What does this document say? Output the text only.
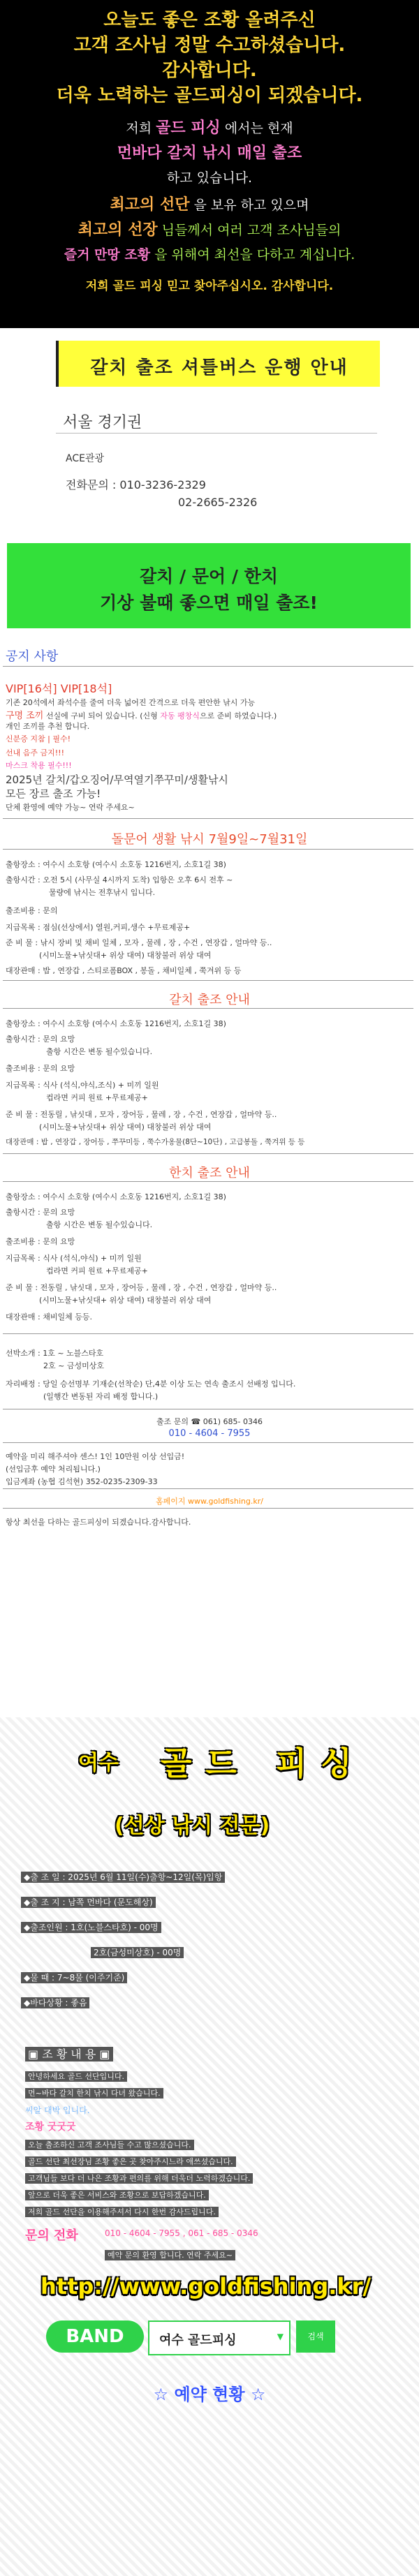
오늘도 좋은 조황 올려주신
고객 조사님 정말 수고하셨습니다.
감사합니다.
더욱 노력하는 골드피싱이 되겠습니다.
저희 골드 피싱 에서는 현재
먼바다 갈치 낚시 매일 출조
하고 있습니다.
최고의 선단 을 보유 하고 있으며
최고의 선장 님들께서 여러 고객 조사님들의
즐거 만땅 조황 을 위해여 최선을 다하고 계십니다.
저희 골드 피싱 믿고 찾아주십시오. 감사합니다.
갈치 출조 셔틀버스 운행 안내
서울 경기권
ACE관광
전화문의 : 010-3236-2329
02-2665-2326
갈치 / 문어 / 한치
기상 불때 좋으면 매일 출조!
공지 사항
VIP[16석] VIP[18석]
기존 20석에서 좌석수를 줄여 더욱 넓어진 간격으로 더욱 편안한 낚시 가능
구명 조끼 선실에 구비 되어 있습니다. (신형 자동 팽창식으로 준비 하였습니다.)
개인 조끼를 추천 합니다.
신분증 지참 | 필수!
선내 음주 금지!!!
마스크 착용 필수!!!
2025년 갈치/갑오징어/무역열기쭈꾸미/생활낚시
모든 장르 출조 가능!
단체 환영에 예약 가능~ 연락 주세요~
돌문어 생활 낚시 7월9일~7월31일
출항장소 : 여수시 소호항 (여수시 소호동 1216번지, 소호1길 38)
출항시간 : 오전 5시 (사무실 4시까지 도착) 입항은 오후 6시 전후 ~
물량에 낚시는 전후낚시 입니다.
출조비용 : 문의
지급목록 : 점심(선상에서) 열원,커피,생수 +무료제공+
준 비 물 : 낚시 장비 및 채비 일체 , 모자 , 물레 , 장 , 수건 , 연장갑 , 얼마약 등..
(시미노물+낚싯대+ 위상 대여) 대창불러 위상 대여
대장관매 : 밥 , 연장갑 , 스티로폼BOX , 봉돌 , 채비일체 , 쭉겨위 등 등
갈치 출조 안내
출항장소 : 여수시 소호항 (여수시 소호동 1216번지, 소호1길 38)
출항시간 : 문의 요망
출항 시간은 변동 될수있습니다.
출조비용 : 문의 요망
지급목록 : 식사 (석식,야식,조식) + 미끼 일원
컵라면 커피 원료 +무료제공+
준 비 물 : 전동릴 , 낚싯대 , 모자 , 장어등 , 물레 , 장 , 수건 , 연장갑 , 얼마약 등..
(시미노물+낚싯대+ 위상 대여) 대창불러 위상 대여
대장관매 : 밥 , 연장갑 , 장어등 , 쭈꾸미등 , 쭉수가옹물(8단~10단) , 고급봉돌 , 쭉겨위 등 등
한치 출조 안내
출항장소 : 여수시 소호항 (여수시 소호동 1216번지, 소호1길 38)
출항시간 : 문의 요망
출항 시간은 변동 될수있습니다.
출조비용 : 문의 요망
지급목록 : 식사 (석식,야식) + 미끼 일원
컵라면 커피 원료 +무료제공+
준 비 물 : 전동릴 , 낚싯대 , 모자 , 장어등 , 물레 , 장 , 수건 , 연장갑 , 얼마약 등..
(시미노물+낚싯대+ 위상 대여) 대창불러 위상 대여
대장관매 : 채비일체 등등.
선박소개 : 1호 ~ 노블스타호
2호 ~ 금성미상호
자리배정 : 당일 승선명부 기재순(선착순) 단,4분 이상 도는 연속 출조시 선배정 입니다.
(일행간 변동된 자리 배정 합니다.)
출조 문의 ☎ 061) 685- 0346
010 - 4604 - 7955
예약을 미리 해주셔야 센스! 1인 10만원 이상 선입금!
(선입금후 예약 처리됩니다.)
입금계좌 (농협 김석현) 352-0235-2309-33
홈페이지 www.goldfishing.kr/
항상 최선을 다하는 골드피싱이 되겠습니다.감사합니다.
여수 골드 피싱
(선상 낚시 전문)
◆출 조 일 : 2025년 6월 11일(수)출항~12일(목)입항
◆출 조 지 : 남쪽 먼바다 (문도해상)
◆출조인원 : 1호(노블스타호) - 00명
2호(금성미상호) - 00명
◆물 때 : 7~8물 (이주기준)
◆바다상황 : 좋음
▣ 조 황 내 용 ▣
안녕하세요 골드 선단입니다.
먼~바다 갈치 한치 낚시 다녀 왔습니다.
씨알 대박 입니다.
조황 굿굿굿
오늘 출조하신 고객 조사님들 수고 많으셨습니다.
골드 선단 최선장님 조황 좋은 곳 찾아주시느라 애쓰셨습니다.
고객님들 보다 더 나은 조황과 편의를 위해 더욱더 노력하겠습니다.
앞으로 더욱 좋은 서비스와 조황으로 보답하겠습니다.
저희 골드 선단을 이용해주셔서 다시 한번 감사드립니다.
문의 전화	010 - 4604 - 7955 , 061 - 685 - 0346
예약 문의 환영 합니다. 연락 주세요~
http://www.goldfishing.kr/
BAND	여수 골드피싱	▼	검색
☆ 예약 현황 ☆
